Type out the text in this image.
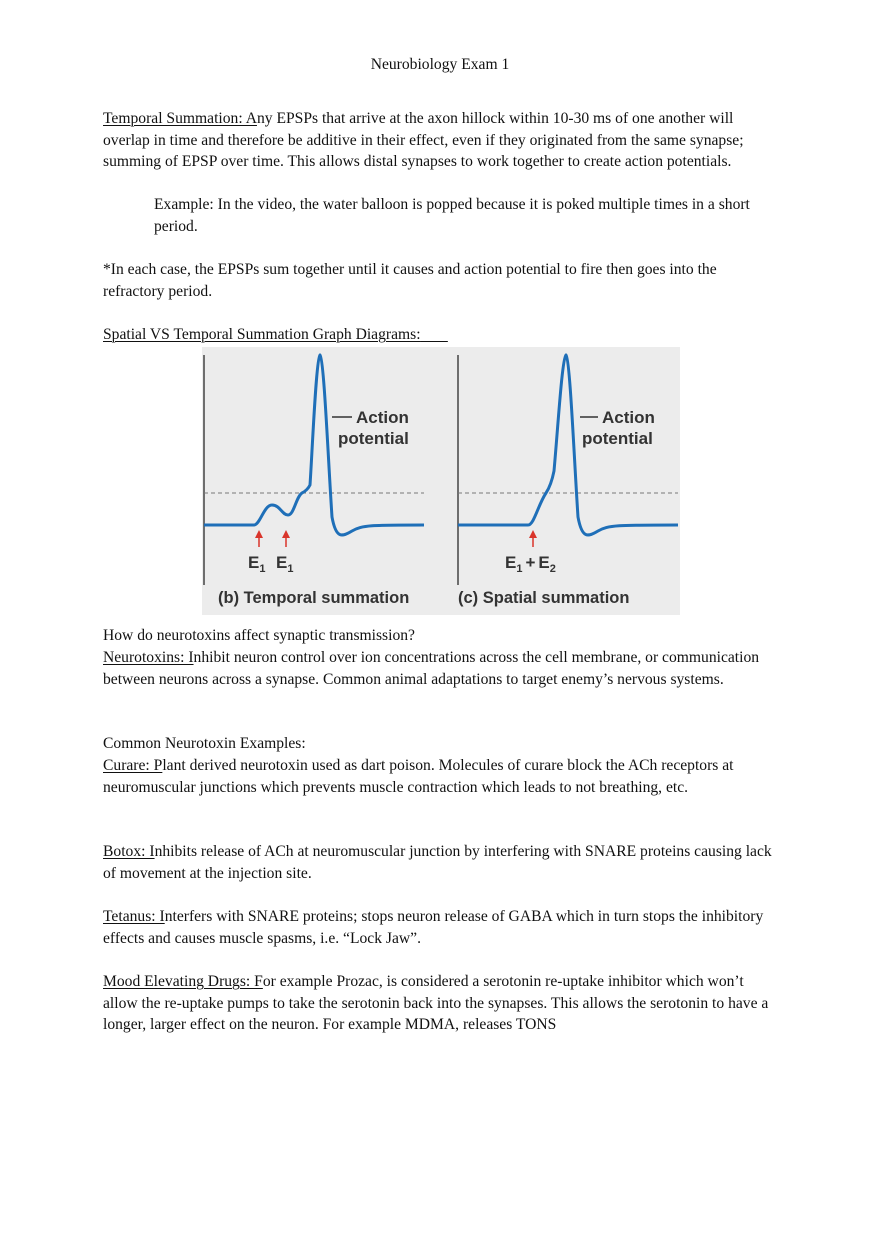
Neurobiology Exam 1

Temporal Summation: Any EPSPs that arrive at the axon hillock within 10-30 ms of one another will overlap in time and therefore be additive in their effect, even if they originated from the same synapse; summing of EPSP over time. This allows distal synapses to work together to create action potentials.

Example: In the video, the water balloon is popped because it is poked multiple times in a short period.

*In each case, the EPSPs sum together until it causes and action potential to fire then goes into the refractory period.

Spatial VS Temporal Summation Graph Diagrams:

Action
potential
$E_1$ $E_1$
(b) Temporal summation
Action
potential
$E_1 + E_2$
(c) Spatial summation

How do neurotoxins affect synaptic transmission?

Neurotoxins: Inhibit neuron control over ion concentrations across the cell membrane, or communication between neurons across a synapse. Common animal adaptations to target enemy’s nervous systems.

Common Neurotoxin Examples:

Curare: Plant derived neurotoxin used as dart poison. Molecules of curare block the ACh receptors at neuromuscular junctions which prevents muscle contraction which leads to not breathing, etc.

Botox: Inhibits release of ACh at neuromuscular junction by interfering with SNARE proteins causing lack of movement at the injection site.

Tetanus: Interfers with SNARE proteins; stops neuron release of GABA which in turn stops the inhibitory effects and causes muscle spasms, i.e. “Lock Jaw”.

Mood Elevating Drugs: For example Prozac, is considered a serotonin re-uptake inhibitor which won’t allow the re-uptake pumps to take the serotonin back into the synapses. This allows the serotonin to have a longer, larger effect on the neuron. For example MDMA, releases TONS
